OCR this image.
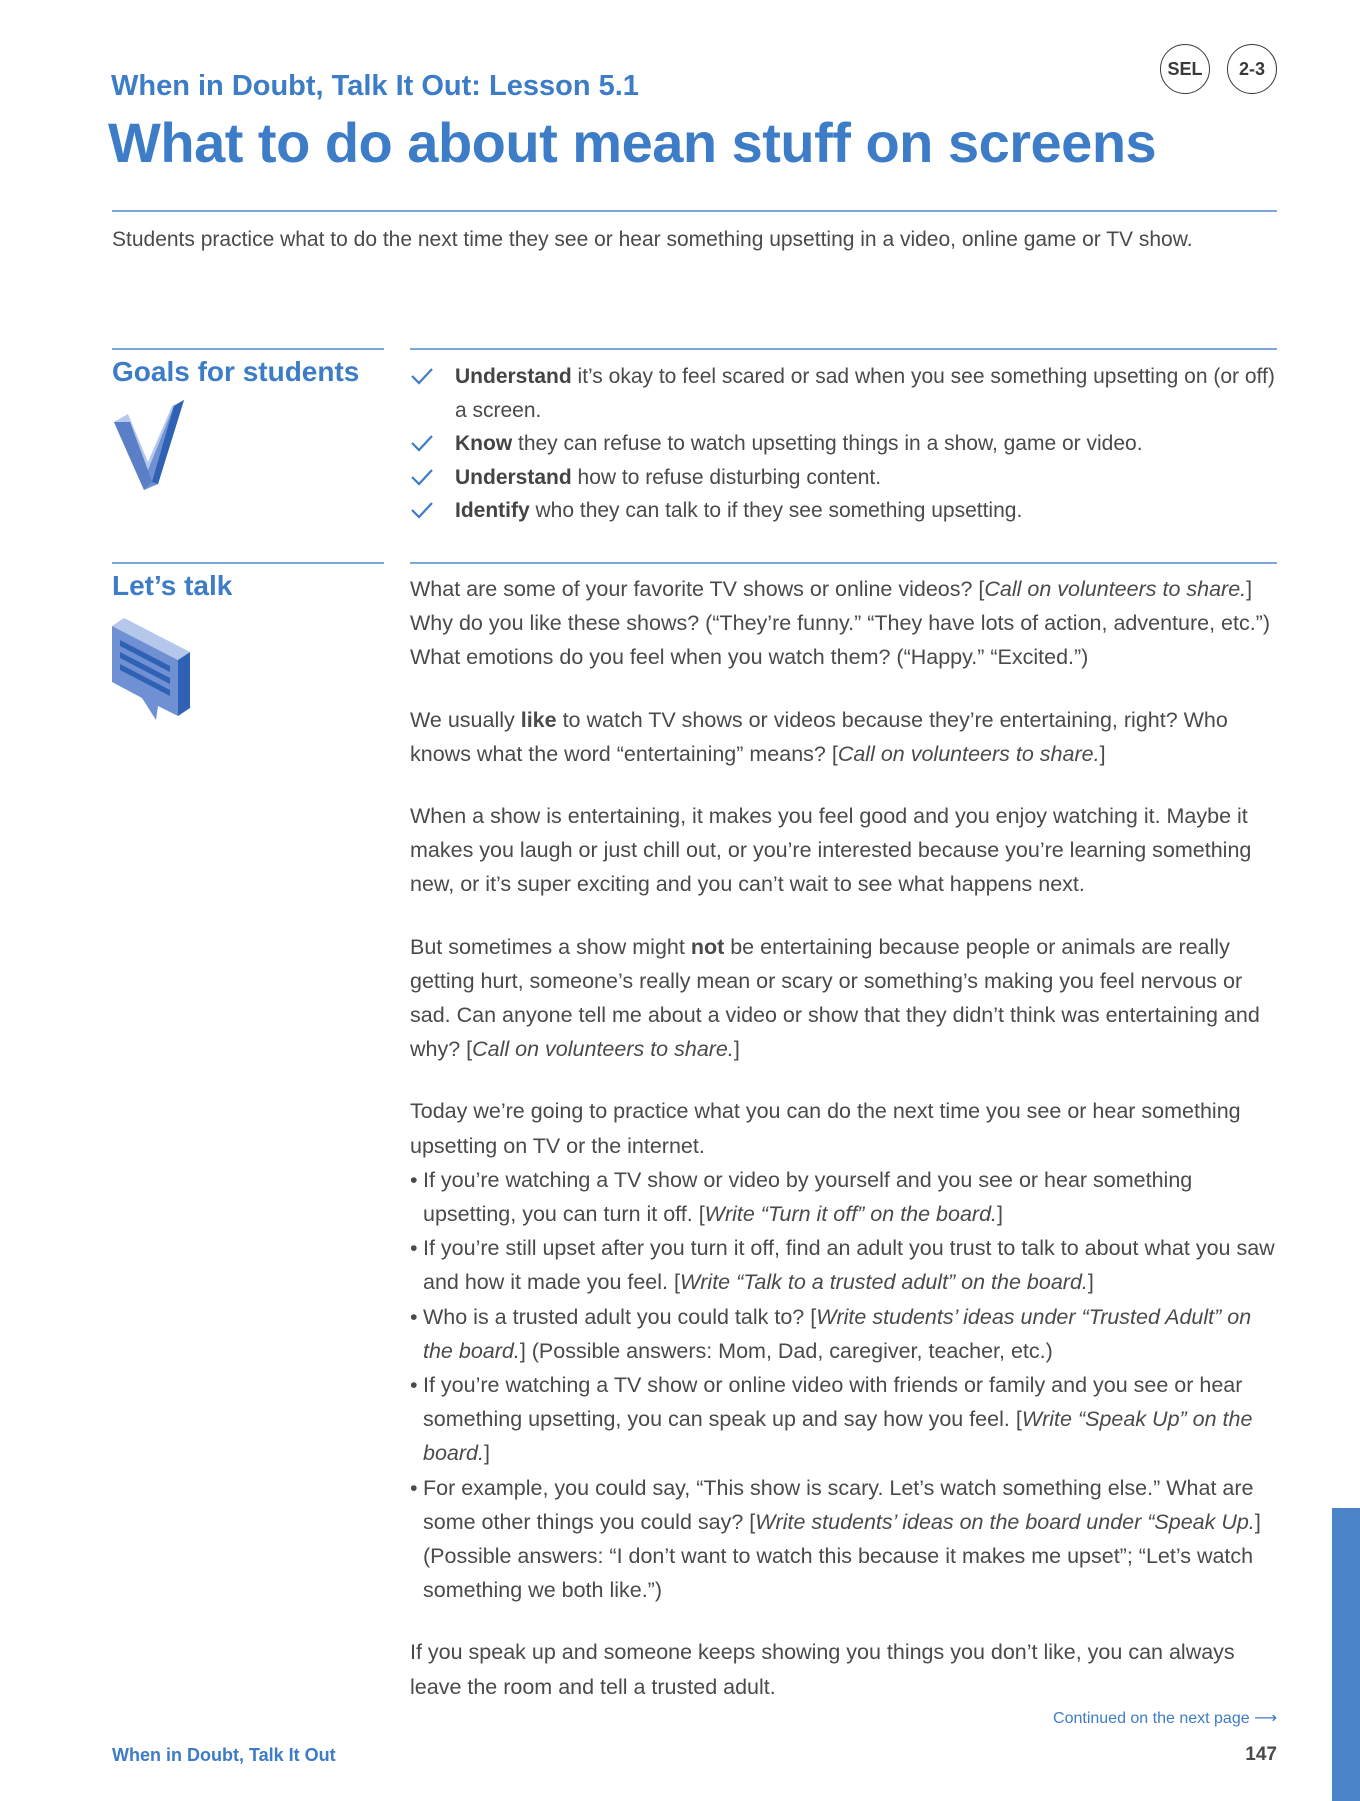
SEL	2-3
When in Doubt, Talk It Out: Lesson 5.1
What to do about mean stuff on screens

Students practice what to do the next time they see or hear something upsetting in a video, online game or TV show.

Goals for students	Understand it’s okay to feel scared or sad when you see something upsetting on (or off) a screen.
Know they can refuse to watch upsetting things in a show, game or video.
Understand how to refuse disturbing content.
Identify who they can talk to if they see something upsetting.
Let’s talk	What are some of your favorite TV shows or online videos? [Call on volunteers to share.] Why do you like these shows? (“They’re funny.” “They have lots of action, adventure, etc.”) What emotions do you feel when you watch them? (“Happy.” “Excited.”)

We usually like to watch TV shows or videos because they’re entertaining, right? Who knows what the word “entertaining” means? [Call on volunteers to share.]

When a show is entertaining, it makes you feel good and you enjoy watching it. Maybe it makes you laugh or just chill out, or you’re interested because you’re learning something new, or it’s super exciting and you can’t wait to see what happens next.

But sometimes a show might not be entertaining because people or animals are really getting hurt, someone’s really mean or scary or something’s making you feel nervous or sad. Can anyone tell me about a video or show that they didn’t think was entertaining and why? [Call on volunteers to share.]

Today we’re going to practice what you can do the next time you see or hear something upsetting on TV or the internet.

• If you’re watching a TV show or video by yourself and you see or hear something upsetting, you can turn it off. [Write “Turn it off” on the board.]
• If you’re still upset after you turn it off, find an adult you trust to talk to about what you saw and how it made you feel. [Write “Talk to a trusted adult” on the board.]
• Who is a trusted adult you could talk to? [Write students’ ideas under “Trusted Adult” on the board.] (Possible answers: Mom, Dad, caregiver, teacher, etc.)
• If you’re watching a TV show or online video with friends or family and you see or hear something upsetting, you can speak up and say how you feel. [Write “Speak Up” on the board.]
• For example, you could say, “This show is scary. Let’s watch something else.” What are some other things you could say? [Write students’ ideas on the board under “Speak Up.] (Possible answers: “I don’t want to watch this because it makes me upset”; “Let’s watch something we both like.”)

If you speak up and someone keeps showing you things you don’t like, you can always leave the room and tell a trusted adult.

Continued on the next page ⟶
When in Doubt, Talk It Out	147
